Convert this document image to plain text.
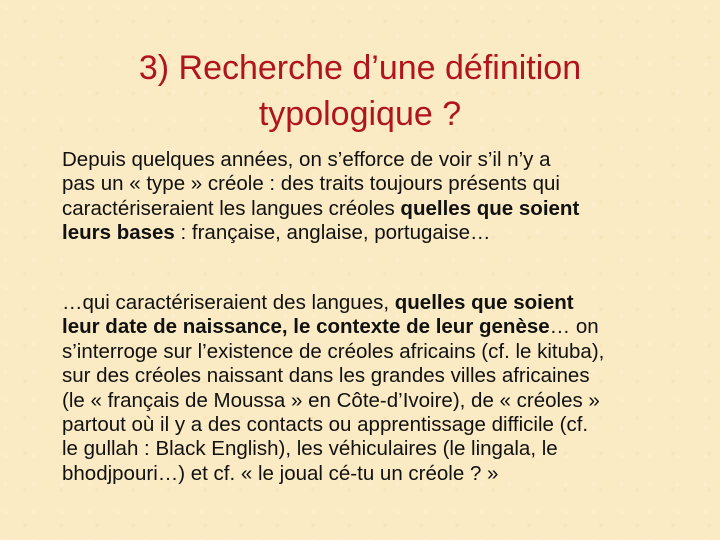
3) Recherche d’une définition
typologique ?
Depuis quelques années, on s’efforce de voir s’il n’y a
pas un « type » créole : des traits toujours présents qui
caractériseraient les langues créoles quelles que soient
leurs bases : française, anglaise, portugaise…
…qui caractériseraient des langues, quelles que soient
leur date de naissance, le contexte de leur genèse… on
s’interroge sur l’existence de créoles africains (cf. le kituba),
sur des créoles naissant dans les grandes villes africaines
(le « français de Moussa » en Côte-d’Ivoire), de « créoles »
partout où il y a des contacts ou apprentissage difficile (cf.
le gullah : Black English), les véhiculaires (le lingala, le
bhodjpouri…) et cf. « le joual cé-tu un créole ? »
